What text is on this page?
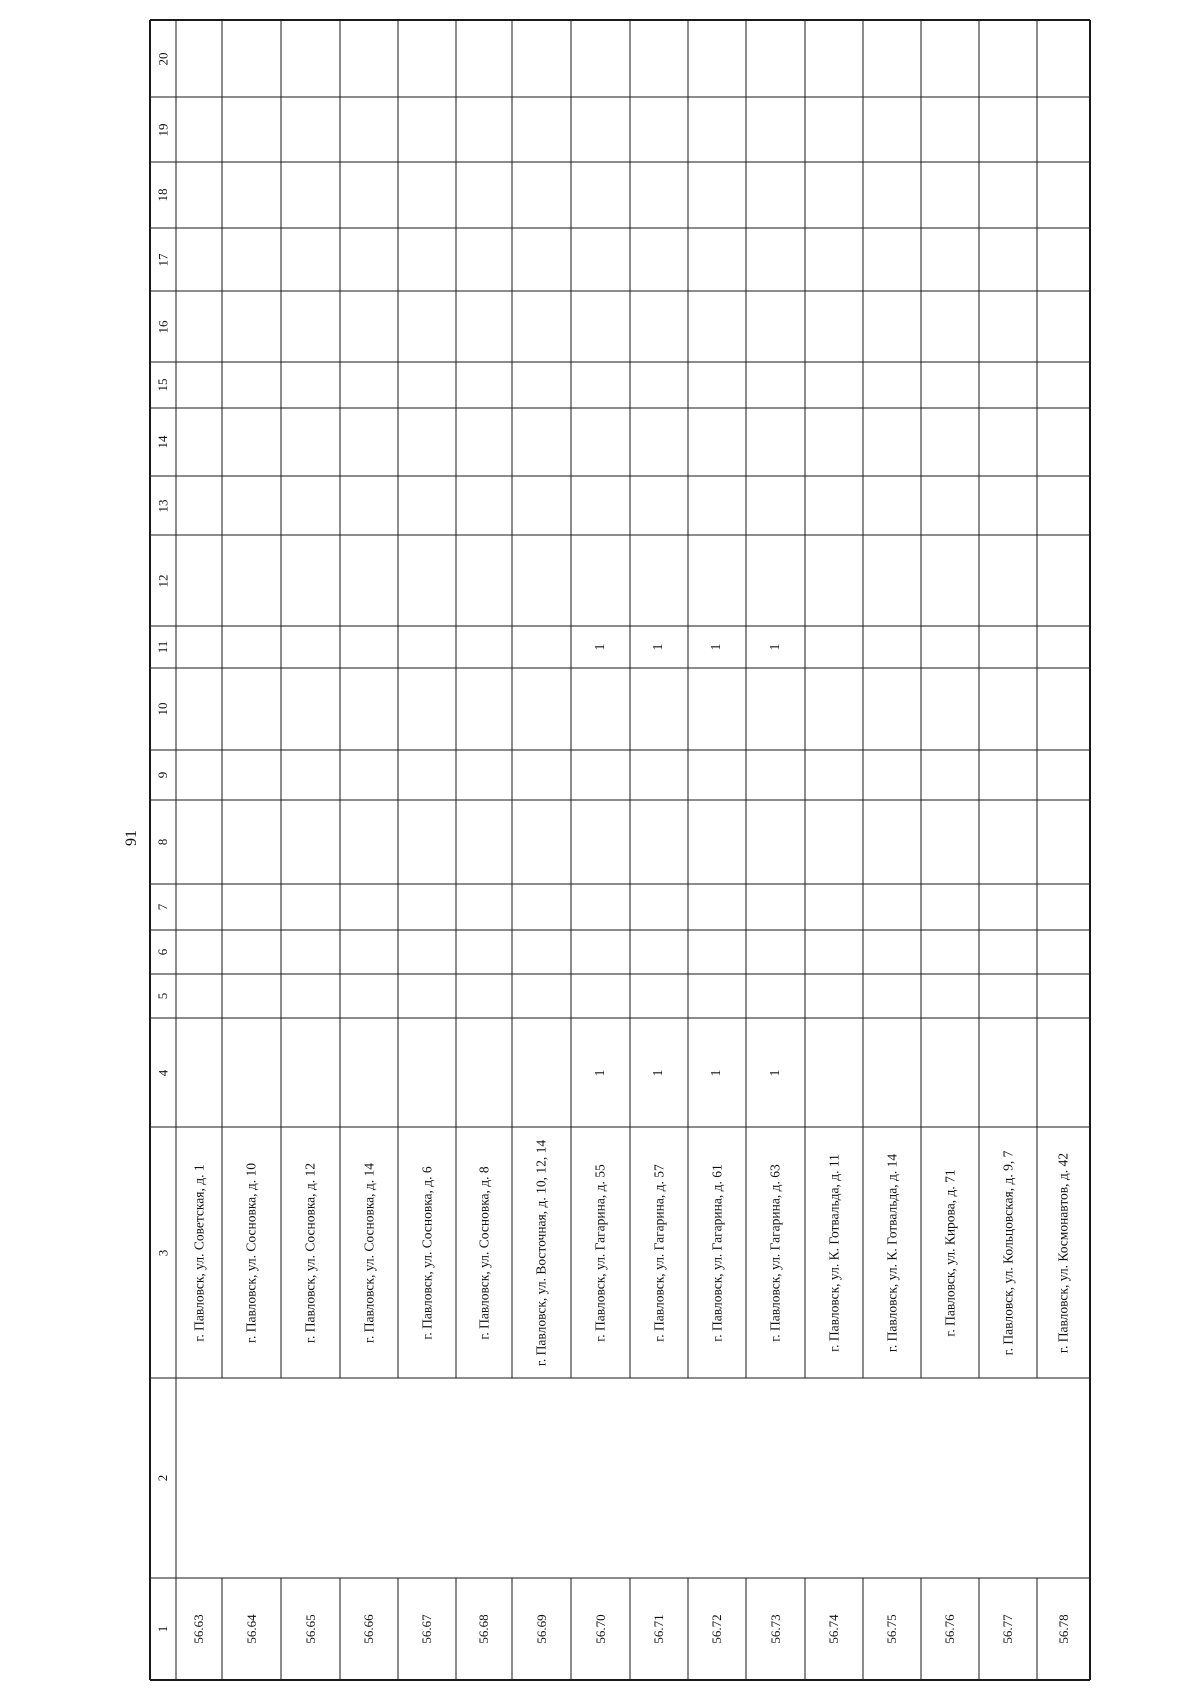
91
1
2
3
4
5
6
7
8
9
10
11
12
13
14
15
16
17
18
19
20
56.63
г. Павловск, ул. Советская, д. 1
56.64
г. Павловск, ул. Сосновка, д. 10
56.65
г. Павловск, ул. Сосновка, д. 12
56.66
г. Павловск, ул. Сосновка, д. 14
56.67
г. Павловск, ул. Сосновка, д. 6
56.68
г. Павловск, ул. Сосновка, д. 8
56.69
г. Павловск, ул. Восточная, д. 10, 12, 14
56.70
г. Павловск, ул. Гагарина, д. 55
1
1
56.71
г. Павловск, ул. Гагарина, д. 57
1
1
56.72
г. Павловск, ул. Гагарина, д. 61
1
1
56.73
г. Павловск, ул. Гагарина, д. 63
1
1
56.74
г. Павловск, ул. К. Готвальда, д. 11
56.75
г. Павловск, ул. К. Готвальда, д. 14
56.76
г. Павловск, ул. Кирова, д. 71
56.77
г. Павловск, ул. Кольцовская, д. 9, 7
56.78
г. Павловск, ул. Космонавтов, д. 42
